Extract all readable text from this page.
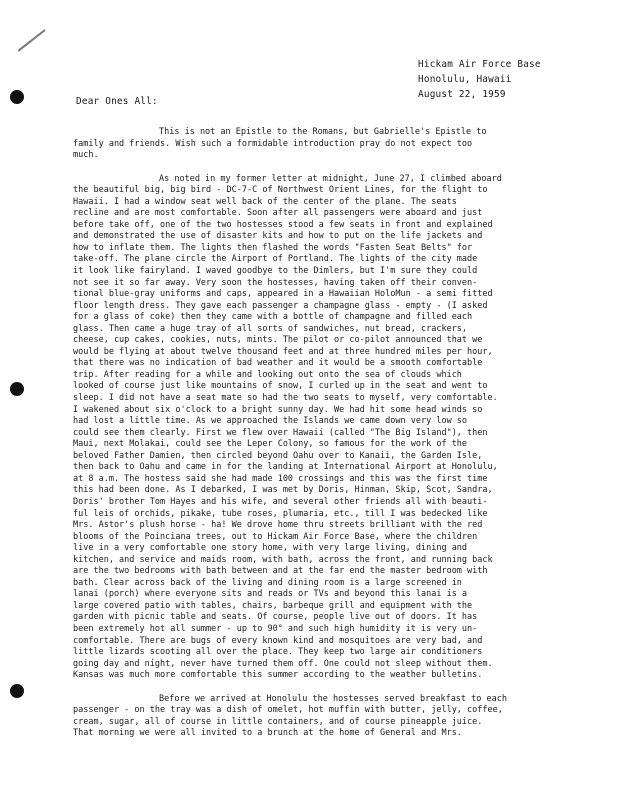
Hickam Air Force Base
Honolulu, Hawaii
August 22, 1959
Dear Ones All:
This is not an Epistle to the Romans, but Gabrielle's Epistle to
family and friends. Wish such a formidable introduction pray do not expect too
much.
As noted in my former letter at midnight, June 27, I climbed aboard
the beautiful big, big bird - DC-7-C of Northwest Orient Lines, for the flight to
Hawaii. I had a window seat well back of the center of the plane. The seats
recline and are most comfortable. Soon after all passengers were aboard and just
before take off, one of the two hostesses stood a few seats in front and explained
and demonstrated the use of disaster kits and how to put on the life jackets and
how to inflate them. The lights then flashed the words "Fasten Seat Belts" for
take-off. The plane circle the Airport of Portland. The lights of the city made
it look like fairyland. I waved goodbye to the Dimlers, but I'm sure they could
not see it so far away. Very soon the hostesses, having taken off their conven-
tional blue-gray uniforms and caps, appeared in a Hawaiian HoloMun - a semi fitted
floor length dress. They gave each passenger a champagne glass - empty - (I asked
for a glass of coke) then they came with a bottle of champagne and filled each
glass. Then came a huge tray of all sorts of sandwiches, nut bread, crackers,
cheese, cup cakes, cookies, nuts, mints. The pilot or co-pilot announced that we
would be flying at about twelve thousand feet and at three hundred miles per hour,
that there was no indication of bad weather and it would be a smooth comfortable
trip. After reading for a while and looking out onto the sea of clouds which
looked of course just like mountains of snow, I curled up in the seat and went to
sleep. I did not have a seat mate so had the two seats to myself, very comfortable.
I wakened about six o'clock to a bright sunny day. We had hit some head winds so
had lost a little time. As we approached the Islands we came down very low so
could see them clearly. First we flew over Hawaii (called "The Big Island"), then
Maui, next Molakai, could see the Leper Colony, so famous for the work of the
beloved Father Damien, then circled beyond Oahu over to Kanaii, the Garden Isle,
then back to Oahu and came in for the landing at International Airport at Honolulu,
at 8 a.m. The hostess said she had made 100 crossings and this was the first time
this had been done. As I debarked, I was met by Doris, Hinman, Skip, Scot, Sandra,
Doris' brother Tom Hayes and his wife, and several other friends all with beauti-
ful leis of orchids, pikake, tube roses, plumaria, etc., till I was bedecked like
Mrs. Astor's plush horse - ha! We drove home thru streets brilliant with the red
blooms of the Poinciana trees, out to Hickam Air Force Base, where the children
live in a very comfortable one story home, with very large living, dining and
kitchen, and service and maids room, with bath, across the front, and running back
are the two bedrooms with bath between and at the far end the master bedroom with
bath. Clear across back of the living and dining room is a large screened in
lanai (porch) where everyone sits and reads or TVs and beyond this lanai is a
large covered patio with tables, chairs, barbeque grill and equipment with the
garden with picnic table and seats. Of course, people live out of doors. It has
been extremely hot all summer - up to 90° and such high humidity it is very un-
comfortable. There are bugs of every known kind and mosquitoes are very bad, and
little lizards scooting all over the place. They keep two large air conditioners
going day and night, never have turned them off. One could not sleep without them.
Kansas was much more comfortable this summer according to the weather bulletins.
Before we arrived at Honolulu the hostesses served breakfast to each
passenger - on the tray was a dish of omelet, hot muffin with butter, jelly, coffee,
cream, sugar, all of course in little containers, and of course pineapple juice.
That morning we were all invited to a brunch at the home of General and Mrs.
